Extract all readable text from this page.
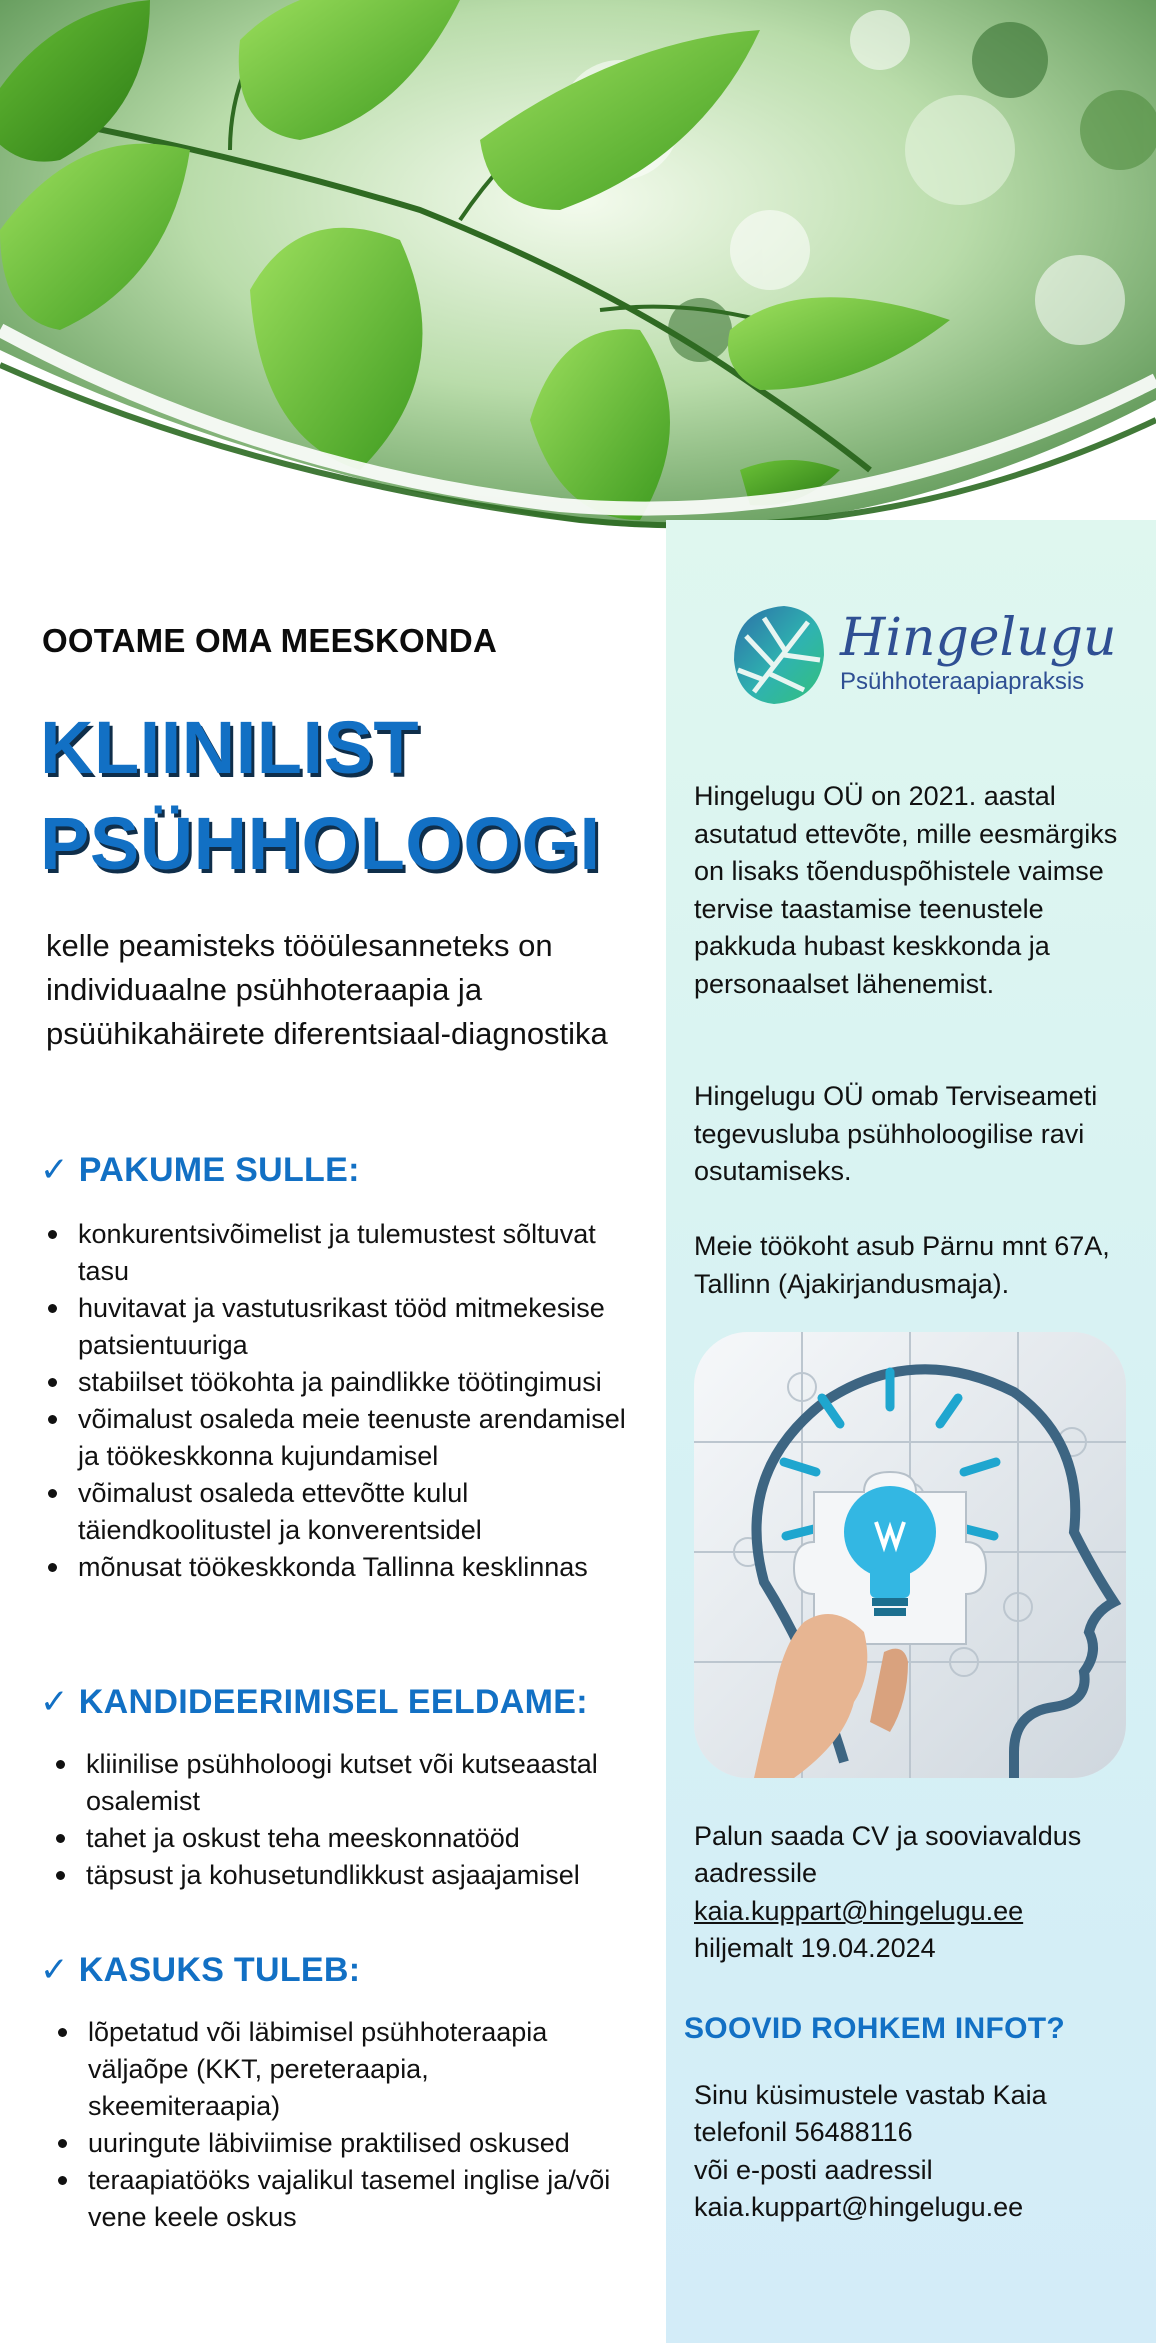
Hingelugu
Psühhoteraapiapraksis
Hingelugu OÜ on 2021. aastal asutatud ettevõte, mille eesmärgiks on lisaks tõenduspõhistele vaimse tervise taastamise teenustele pakkuda hubast keskkonda ja personaalset lähenemist.
Hingelugu OÜ omab Terviseameti tegevusluba psühholoogilise ravi osutamiseks.
Meie töökoht asub Pärnu mnt 67A, Tallinn (Ajakirjandusmaja).
Palun saada CV ja sooviavaldus
aadressile
kaia.kuppart@hingelugu.ee
hiljemalt 19.04.2024
SOOVID ROHKEM INFOT?
Sinu küsimustele vastab Kaia
telefonil 56488116
või e-posti aadressil
kaia.kuppart@hingelugu.ee
OOTAME OMA MEESKONDA
KLIINILIST
PSÜHHOLOOGI
kelle peamisteks tööülesanneteks on individuaalne psühhoteraapia ja psüühikahäirete diferentsiaal-diagnostika
✓ PAKUME SULLE:
konkurentsivõimelist ja tulemustest sõltuvat tasu
huvitavat ja vastutusrikast tööd mitmekesise patsientuuriga
stabiilset töökohta ja paindlikke töötingimusi
võimalust osaleda meie teenuste arendamisel ja töökeskkonna kujundamisel
võimalust osaleda ettevõtte kulul täiendkoolitustel ja konverentsidel
mõnusat töökeskkonda Tallinna kesklinnas
✓ KANDIDEERIMISEL EELDAME:
kliinilise psühholoogi kutset või kutseaastal osalemist
tahet ja oskust teha meeskonnatööd
täpsust ja kohusetundlikkust asjaajamisel
✓ KASUKS TULEB:
lõpetatud või läbimisel psühhoteraapia väljaõpe (KKT, pereteraapia, skeemiteraapia)
uuringute läbiviimise praktilised oskused
teraapiatööks vajalikul tasemel inglise ja/või vene keele oskus
